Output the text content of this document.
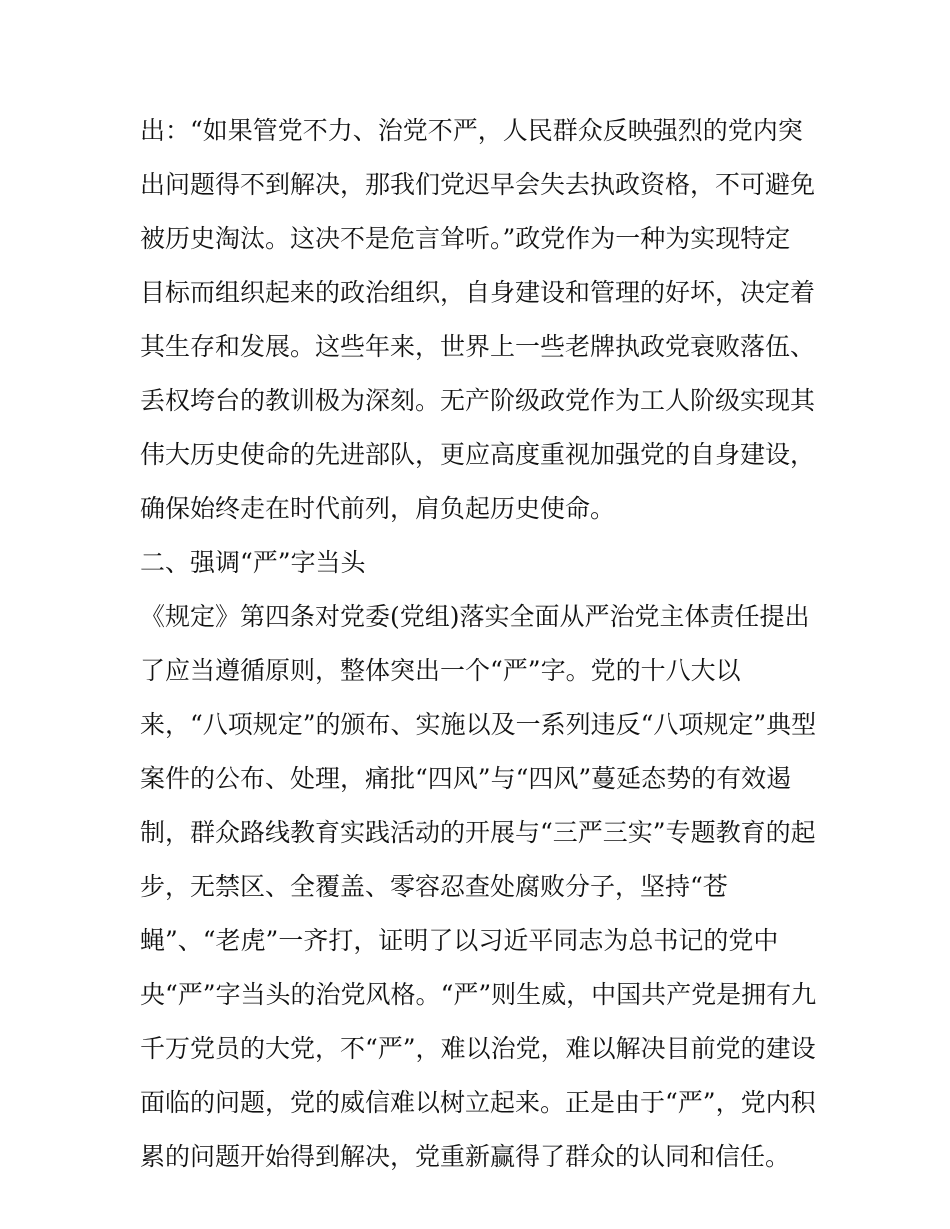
出：“如果管党不力、治党不严，人民群众反映强烈的党内突
出问题得不到解决，那我们党迟早会失去执政资格，不可避免
被历史淘汰。这决不是危言耸听。”政党作为一种为实现特定
目标而组织起来的政治组织，自身建设和管理的好坏，决定着
其生存和发展。这些年来，世界上一些老牌执政党衰败落伍、
丢权垮台的教训极为深刻。无产阶级政党作为工人阶级实现其
伟大历史使命的先进部队，更应高度重视加强党的自身建设，
确保始终走在时代前列，肩负起历史使命。
二、强调“严”字当头
《规定》第四条对党委(党组)落实全面从严治党主体责任提出
了应当遵循原则，整体突出一个“严”字。党的十八大以
来，“八项规定”的颁布、实施以及一系列违反“八项规定”典型
案件的公布、处理，痛批“四风”与“四风”蔓延态势的有效遏
制，群众路线教育实践活动的开展与“三严三实”专题教育的起
步，无禁区、全覆盖、零容忍查处腐败分子，坚持“苍
蝇”、“老虎”一齐打，证明了以习近平同志为总书记的党中
央“严”字当头的治党风格。“严”则生威，中国共产党是拥有九
千万党员的大党，不“严”，难以治党，难以解决目前党的建设
面临的问题，党的威信难以树立起来。正是由于“严”，党内积
累的问题开始得到解决，党重新赢得了群众的认同和信任。
